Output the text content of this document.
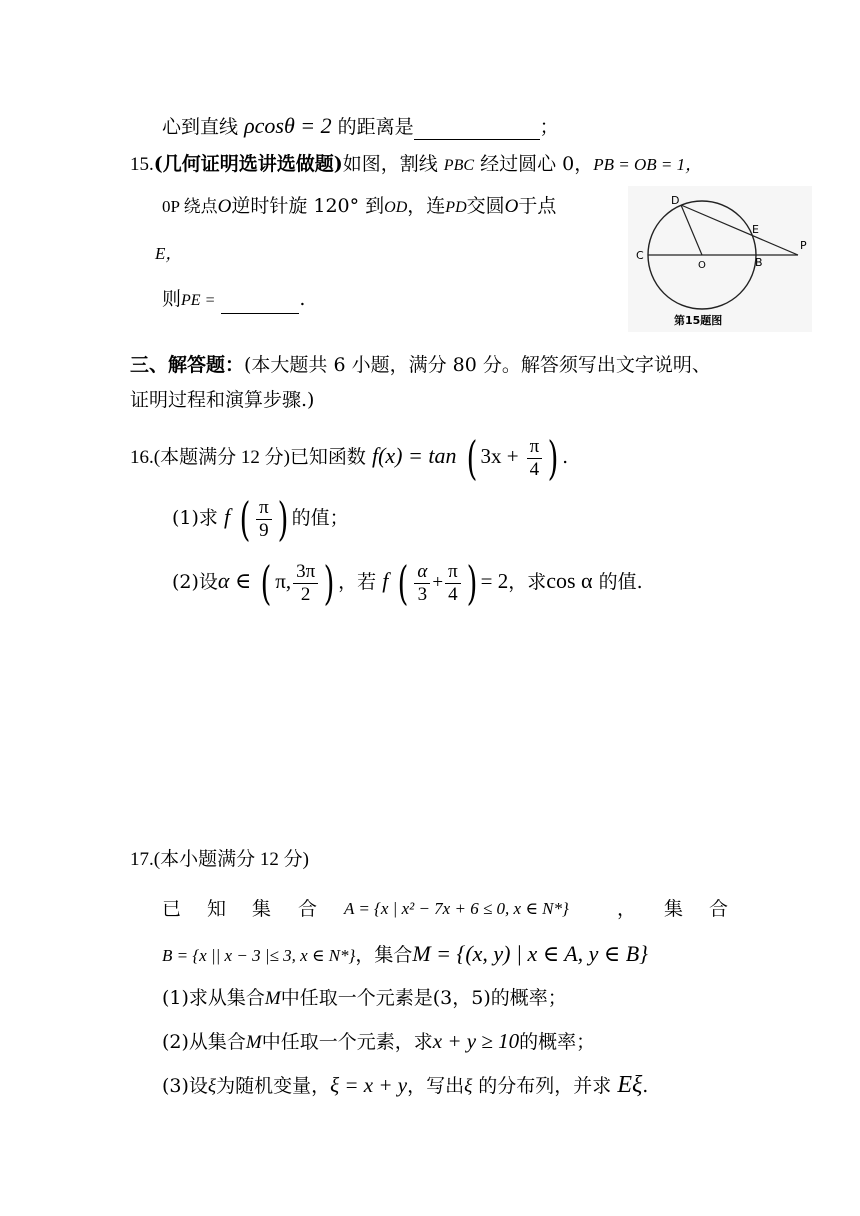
心到直线 ρcosθ = 2 的距离是	；
15.(几何证明选讲选做题)如图，割线 PBC 经过圆心 0，PB = OB = 1，
0P 绕点O逆时针旋 120° 到OD，连PD交圆O于点
E，
则PE =	.
D
E
P
C
O	B
第15题图
三、解答题：(本大题共 6 小题，满分 80 分。解答须写出文字说明、
证明过程和演算步骤.)
16.(本题满分 12 分)已知函数 f(x) = tan ( $3x + \frac{\pi}{4}$ ) .
(1)求 f ( $\frac{\pi}{9}$ ) 的值；
(2)设α ∈ ( π, $\frac{3\pi}{2}$ ) ，若 f ( $\frac{\alpha}{3} + \frac{\pi}{4}$ ) = 2，求cos α 的值.
17.(本小题满分 12 分)
已 知 集 合 A = {x | x² − 7x + 6 ≤ 0, x ∈ N*}	， 集 合
B = {x || x − 3 |≤ 3, x ∈ N*}，集合M = {(x, y) | x ∈ A, y ∈ B}
(1)求从集合M中任取一个元素是(3，5)的概率；
(2)从集合M中任取一个元素，求x + y ≥ 10的概率；
(3)设ξ为随机变量，ξ = x + y，写出ξ 的分布列，并求 Eξ.
